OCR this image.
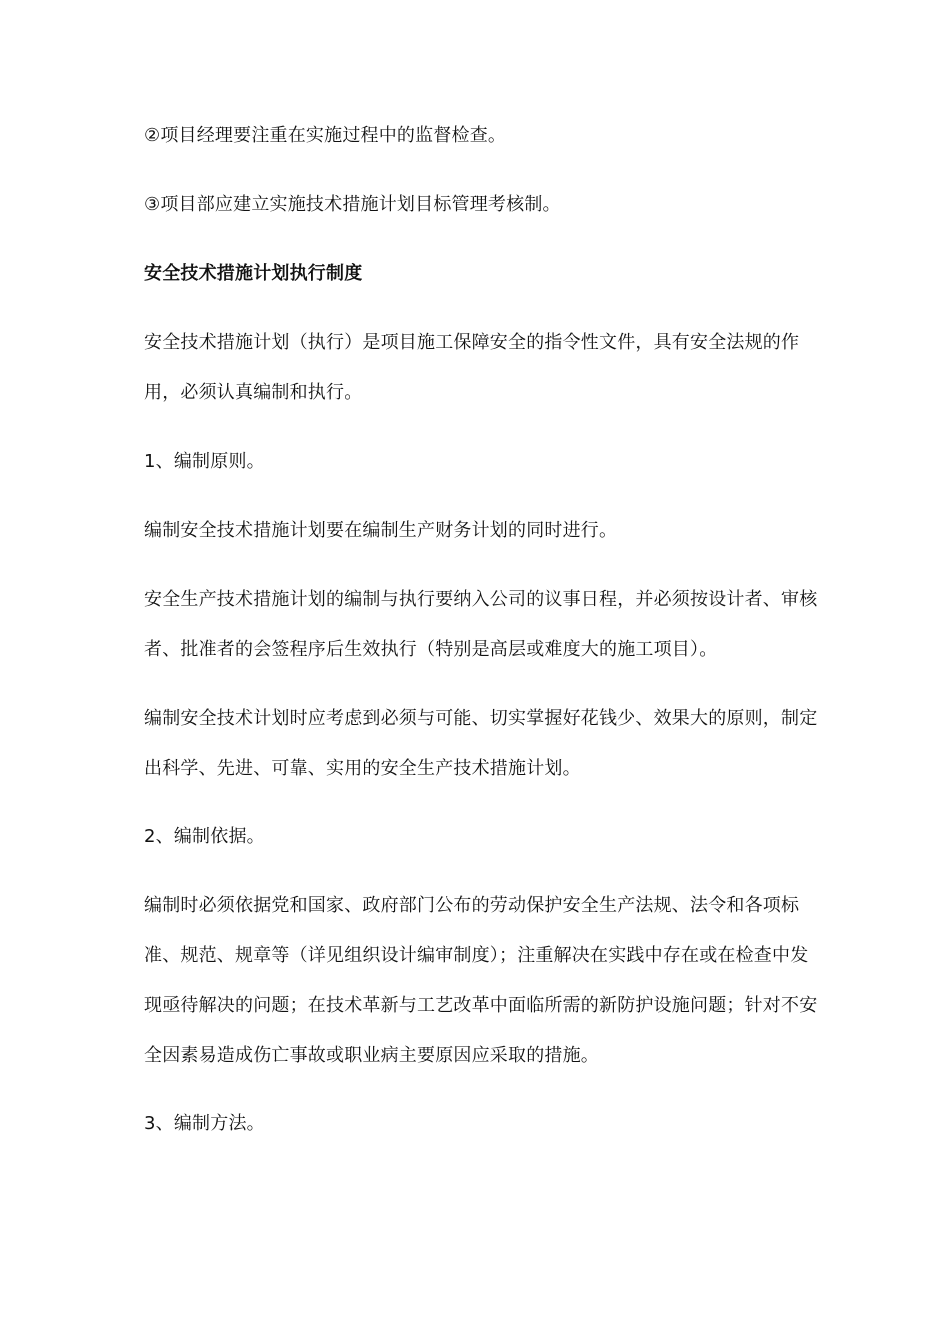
②项目经理要注重在实施过程中的监督检查。

③项目部应建立实施技术措施计划目标管理考核制。

安全技术措施计划执行制度

安全技术措施计划（执行）是项目施工保障安全的指令性文件，具有安全法规的作用，必须认真编制和执行。

1、编制原则。

编制安全技术措施计划要在编制生产财务计划的同时进行。

安全生产技术措施计划的编制与执行要纳入公司的议事日程，并必须按设计者、审核者、批准者的会签程序后生效执行（特别是高层或难度大的施工项目）。

编制安全技术计划时应考虑到必须与可能、切实掌握好花钱少、效果大的原则，制定出科学、先进、可靠、实用的安全生产技术措施计划。

2、编制依据。

编制时必须依据党和国家、政府部门公布的劳动保护安全生产法规、法令和各项标准、规范、规章等（详见组织设计编审制度）；注重解决在实践中存在或在检查中发现亟待解决的问题；在技术革新与工艺改革中面临所需的新防护设施问题；针对不安全因素易造成伤亡事故或职业病主要原因应采取的措施。

3、编制方法。
